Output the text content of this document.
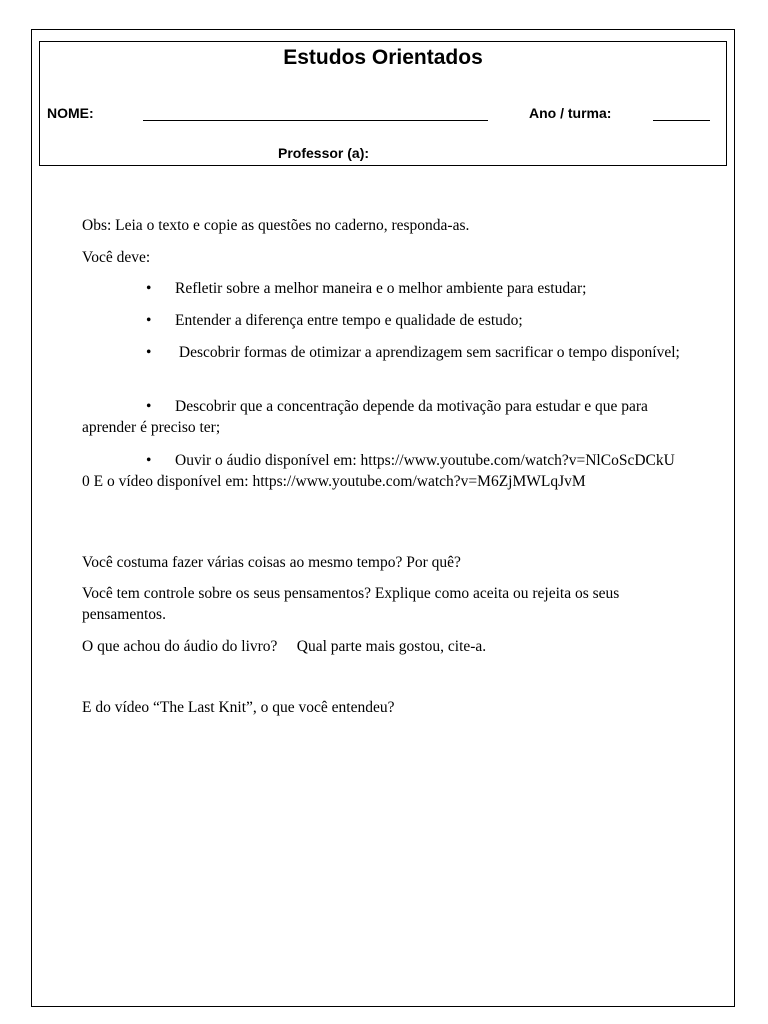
Estudos Orientados
NOME:	Ano / turma:
Professor (a):
Obs: Leia o texto e copie as questões no caderno, responda-as.
Você deve:
• Refletir sobre a melhor maneira e o melhor ambiente para estudar;
• Entender a diferença entre tempo e qualidade de estudo;
• Descobrir formas de otimizar a aprendizagem sem sacrificar o tempo disponível;
• Descobrir que a concentração depende da motivação para estudar e que para aprender é preciso ter;
• Ouvir o áudio disponível em: https://www.youtube.com/watch?v=NlCoScDCkU0 E o vídeo disponível em: https://www.youtube.com/watch?v=M6ZjMWLqJvM
Você costuma fazer várias coisas ao mesmo tempo? Por quê?
Você tem controle sobre os seus pensamentos? Explique como aceita ou rejeita os seus pensamentos.
O que achou do áudio do livro?     Qual parte mais gostou, cite-a.
E do vídeo “The Last Knit”, o que você entendeu?
